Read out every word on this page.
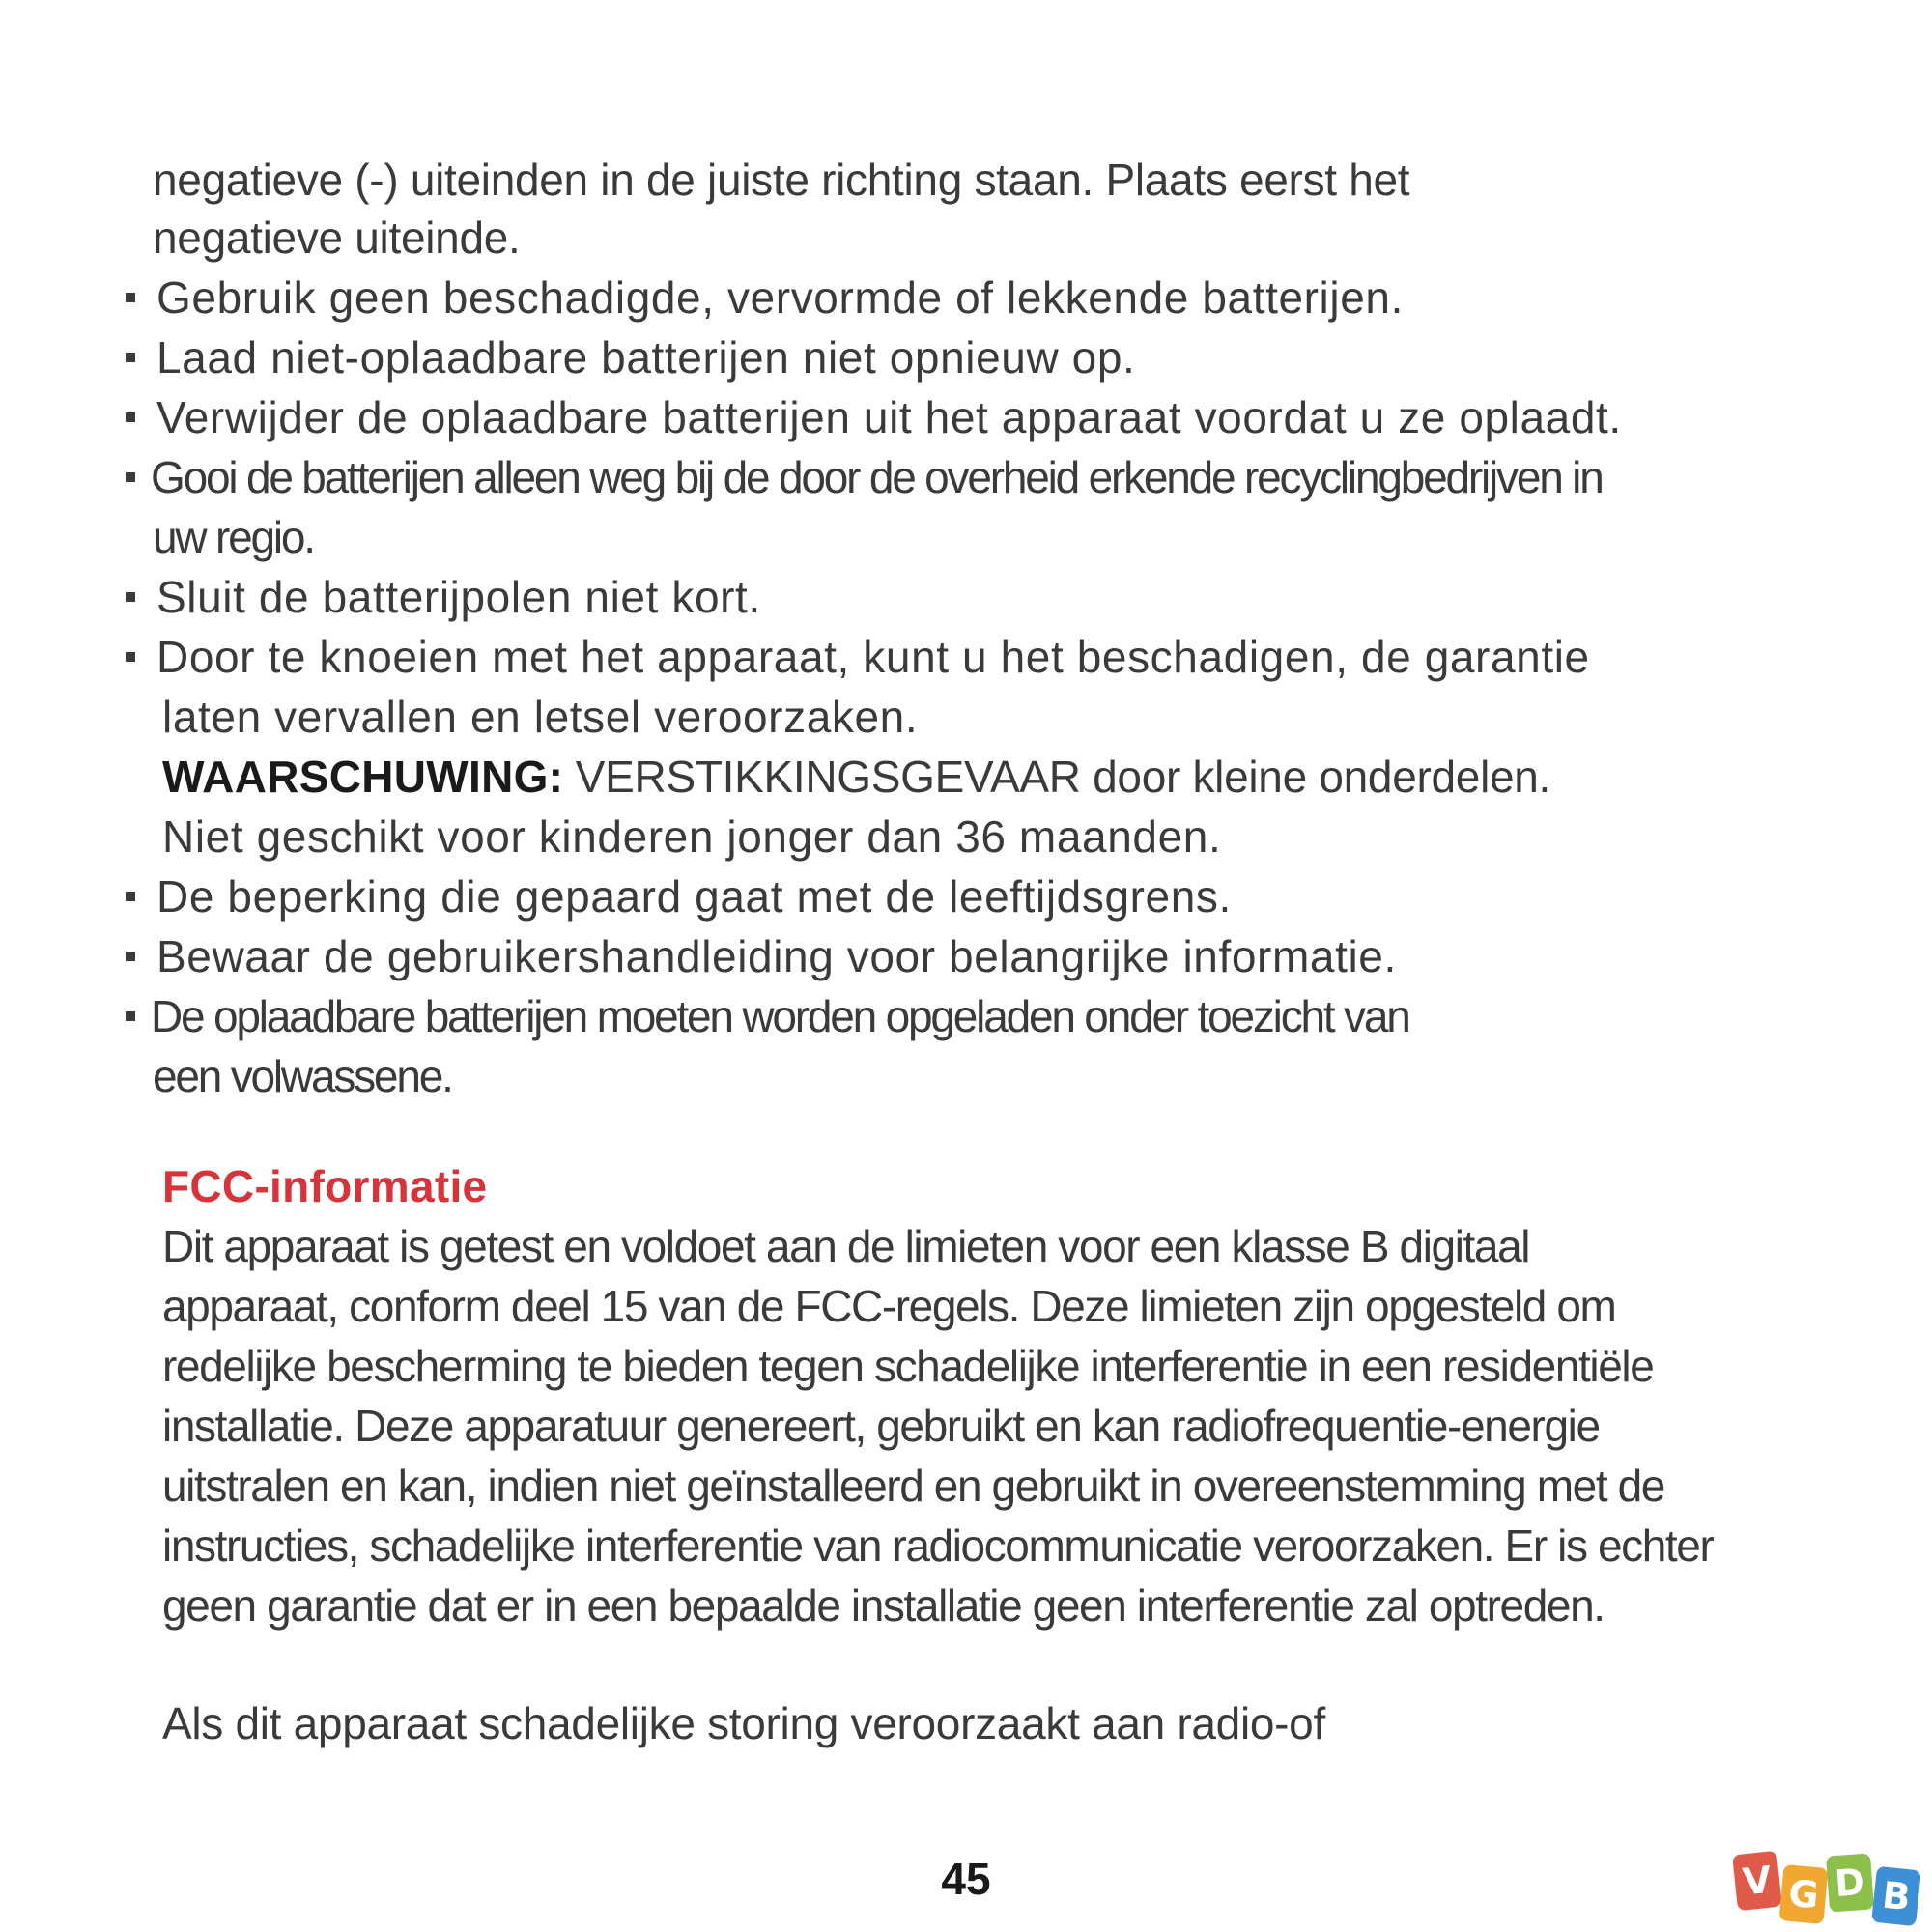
negatieve (-) uiteinden in de juiste richting staan. Plaats eerst het
negatieve uiteinde.
Gebruik geen beschadigde, vervormde of lekkende batterijen.
Laad niet-oplaadbare batterijen niet opnieuw op.
Verwijder de oplaadbare batterijen uit het apparaat voordat u ze oplaadt.
Gooi de batterijen alleen weg bij de door de overheid erkende recyclingbedrijven in
uw regio.
Sluit de batterijpolen niet kort.
Door te knoeien met het apparaat, kunt u het beschadigen, de garantie
laten vervallen en letsel veroorzaken.
WAARSCHUWING: VERSTIKKINGSGEVAAR door kleine onderdelen.
Niet geschikt voor kinderen jonger dan 36 maanden.
De beperking die gepaard gaat met de leeftijdsgrens.
Bewaar de gebruikershandleiding voor belangrijke informatie.
De oplaadbare batterijen moeten worden opgeladen onder toezicht van
een volwassene.
FCC-informatie
Dit apparaat is getest en voldoet aan de limieten voor een klasse B digitaal
apparaat, conform deel 15 van de FCC-regels. Deze limieten zijn opgesteld om
redelijke bescherming te bieden tegen schadelijke interferentie in een residentiële
installatie. Deze apparatuur genereert, gebruikt en kan radiofrequentie-energie
uitstralen en kan, indien niet geïnstalleerd en gebruikt in overeenstemming met de
instructies, schadelijke interferentie van radiocommunicatie veroorzaken. Er is echter
geen garantie dat er in een bepaalde installatie geen interferentie zal optreden.
Als dit apparaat schadelijke storing veroorzaakt aan radio-of
45	V G D B
